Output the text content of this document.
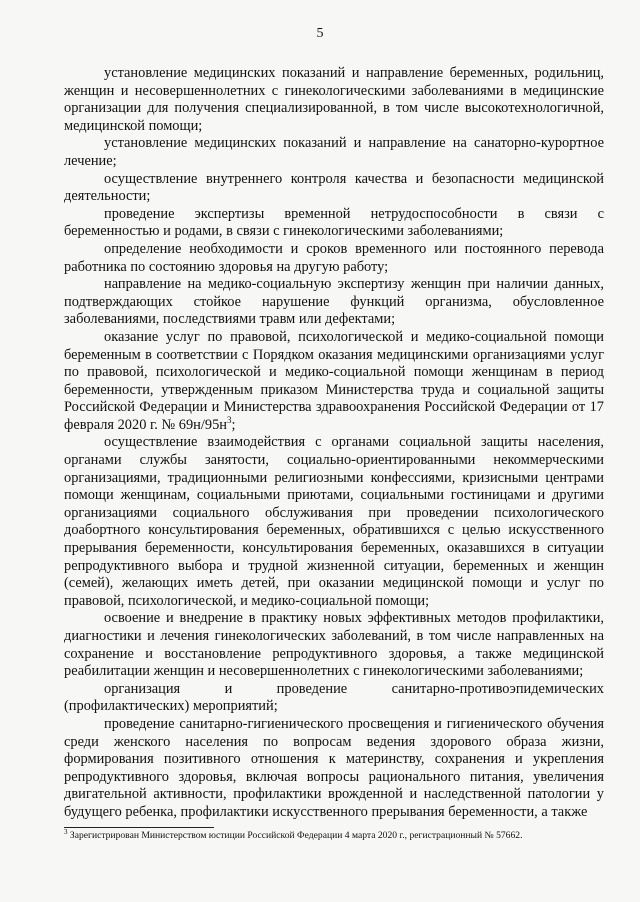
5

установление медицинских показаний и направление беременных, родильниц, женщин и несовершеннолетних с гинекологическими заболеваниями в медицинские организации для получения специализированной, в том числе высокотехнологичной, медицинской помощи;

установление медицинских показаний и направление на санаторно-курортное лечение;

осуществление внутреннего контроля качества и безопасности медицинской деятельности;

проведение экспертизы временной нетрудоспособности в связи с беременностью и родами, в связи с гинекологическими заболеваниями;

определение необходимости и сроков временного или постоянного перевода работника по состоянию здоровья на другую работу;

направление на медико-социальную экспертизу женщин при наличии данных, подтверждающих стойкое нарушение функций организма, обусловленное заболеваниями, последствиями травм или дефектами;

оказание услуг по правовой, психологической и медико-социальной помощи беременным в соответствии с Порядком оказания медицинскими организациями услуг по правовой, психологической и медико-социальной помощи женщинам в период беременности, утвержденным приказом Министерства труда и социальной защиты Российской Федерации и Министерства здравоохранения Российской Федерации от 17 февраля 2020 г. № $69н/95н^3$;

осуществление взаимодействия с органами социальной защиты населения, органами службы занятости, социально-ориентированными некоммерческими организациями, традиционными религиозными конфессиями, кризисными центрами помощи женщинам, социальными приютами, социальными гостиницами и другими организациями социального обслуживания при проведении психологического доабортного консультирования беременных, обратившихся с целью искусственного прерывания беременности, консультирования беременных, оказавшихся в ситуации репродуктивного выбора и трудной жизненной ситуации, беременных и женщин (семей), желающих иметь детей, при оказании медицинской помощи и услуг по правовой, психологической, и медико-социальной помощи;

освоение и внедрение в практику новых эффективных методов профилактики, диагностики и лечения гинекологических заболеваний, в том числе направленных на сохранение и восстановление репродуктивного здоровья, а также медицинской реабилитации женщин и несовершеннолетних с гинекологическими заболеваниями;

организация и проведение санитарно-противоэпидемических (профилактических) мероприятий;

проведение санитарно-гигиенического просвещения и гигиенического обучения среди женского населения по вопросам ведения здорового образа жизни, формирования позитивного отношения к материнству, сохранения и укрепления репродуктивного здоровья, включая вопросы рационального питания, увеличения двигательной активности, профилактики врожденной и наследственной патологии у будущего ребенка, профилактики искусственного прерывания беременности, а также

$^3$ Зарегистрирован Министерством юстиции Российской Федерации 4 марта 2020 г., регистрационный № 57662.
